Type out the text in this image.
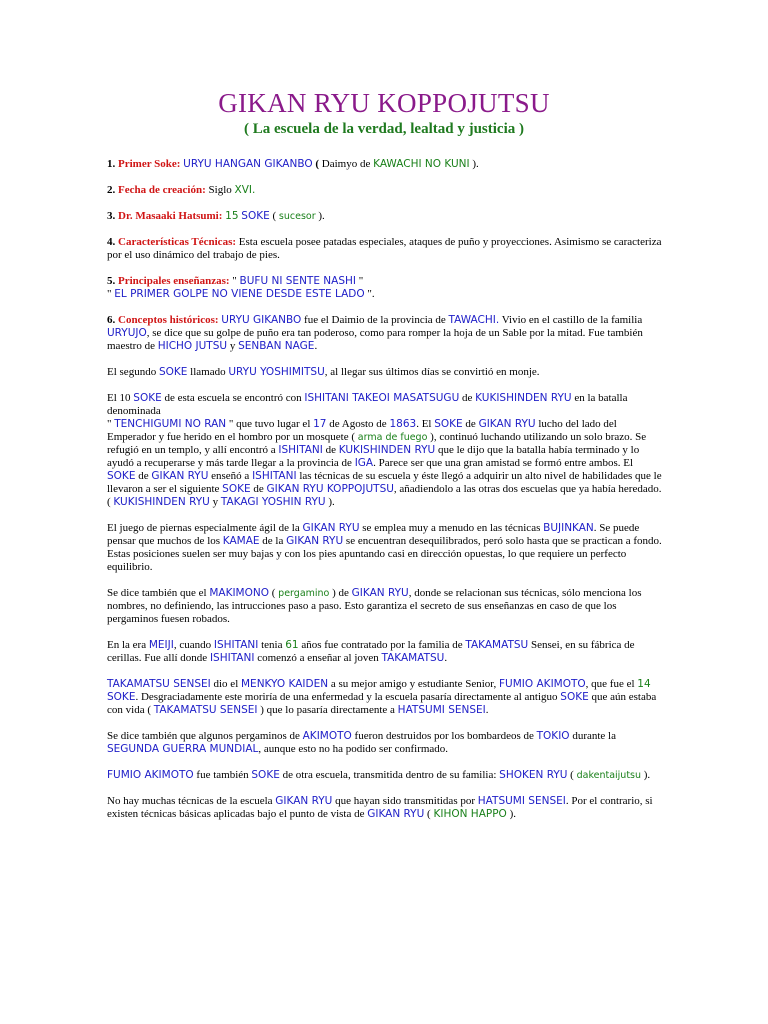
GIKAN RYU KOPPOJUTSU

( La escuela de la verdad, lealtad y justicia )

1. Primer Soke: URYU HANGAN GIKANBO ( Daimyo de KAWACHI NO KUNI ).

2. Fecha de creación: Siglo XVI.

3. Dr. Masaaki Hatsumi: 15 SOKE ( sucesor ).

4. Características Técnicas: Esta escuela posee patadas especiales, ataques de puño y proyecciones. Asimismo se caracteriza por el uso dinámico del trabajo de pies.

5. Principales enseñanzas: " BUFU NI SENTE NASHI "
" EL PRIMER GOLPE NO VIENE DESDE ESTE LADO ".

6. Conceptos históricos: URYU GIKANBO fue el Daimio de la provincia de TAWACHI. Vivio en el castillo de la familia URYUJO, se dice que su golpe de puño era tan poderoso, como para romper la hoja de un Sable por la mitad. Fue también maestro de HICHO JUTSU y SENBAN NAGE.

El segundo SOKE llamado URYU YOSHIMITSU, al llegar sus últimos días se convirtió en monje.

El 10 SOKE de esta escuela se encontró con ISHITANI TAKEOI MASATSUGU de KUKISHINDEN RYU en la batalla denominada
" TENCHIGUMI NO RAN " que tuvo lugar el 17 de Agosto de 1863. El SOKE de GIKAN RYU lucho del lado del Emperador y fue herido en el hombro por un mosquete ( arma de fuego ), continuó luchando utilizando un solo brazo. Se refugió en un templo, y allí encontró a ISHITANI de KUKISHINDEN RYU que le dijo que la batalla había terminado y lo ayudó a recuperarse y más tarde llegar a la provincia de IGA. Parece ser que una gran amistad se formó entre ambos. El SOKE de GIKAN RYU enseñó a ISHITANI las técnicas de su escuela y éste llegó a adquirir un alto nivel de habilidades que le llevaron a ser el siguiente SOKE de GIKAN RYU KOPPOJUTSU, añadiendolo a las otras dos escuelas que ya había heredado. ( KUKISHINDEN RYU y TAKAGI YOSHIN RYU ).

El juego de piernas especialmente ágil de la GIKAN RYU se emplea muy a menudo en las técnicas BUJINKAN. Se puede pensar que muchos de los KAMAE de la GIKAN RYU se encuentran desequilibrados, peró solo hasta que se practican a fondo. Estas posiciones suelen ser muy bajas y con los pies apuntando casi en dirección opuestas, lo que requiere un perfecto equilibrio.

Se dice también que el MAKIMONO ( pergamino ) de GIKAN RYU, donde se relacionan sus técnicas, sólo menciona los nombres, no definiendo, las intrucciones paso a paso. Esto garantiza el secreto de sus enseñanzas en caso de que los pergaminos fuesen robados.

En la era MEIJI, cuando ISHITANI tenia 61 años fue contratado por la familia de TAKAMATSU Sensei, en su fábrica de cerillas. Fue allí donde ISHITANI comenzó a enseñar al joven TAKAMATSU.

TAKAMATSU SENSEI dio el MENKYO KAIDEN a su mejor amigo y estudiante Senior, FUMIO AKIMOTO, que fue el 14 SOKE. Desgraciadamente este moriría de una enfermedad y la escuela pasaría directamente al antiguo SOKE que aún estaba con vida ( TAKAMATSU SENSEI ) que lo pasaría directamente a HATSUMI SENSEI.

Se dice también que algunos pergaminos de AKIMOTO fueron destruidos por los bombardeos de TOKIO durante la SEGUNDA GUERRA MUNDIAL, aunque esto no ha podido ser confirmado.

FUMIO AKIMOTO fue también SOKE de otra escuela, transmitida dentro de su familia: SHOKEN RYU ( dakentaijutsu ).

No hay muchas técnicas de la escuela GIKAN RYU que hayan sido transmitidas por HATSUMI SENSEI. Por el contrario, si existen técnicas básicas aplicadas bajo el punto de vista de GIKAN RYU ( KIHON HAPPO ).
